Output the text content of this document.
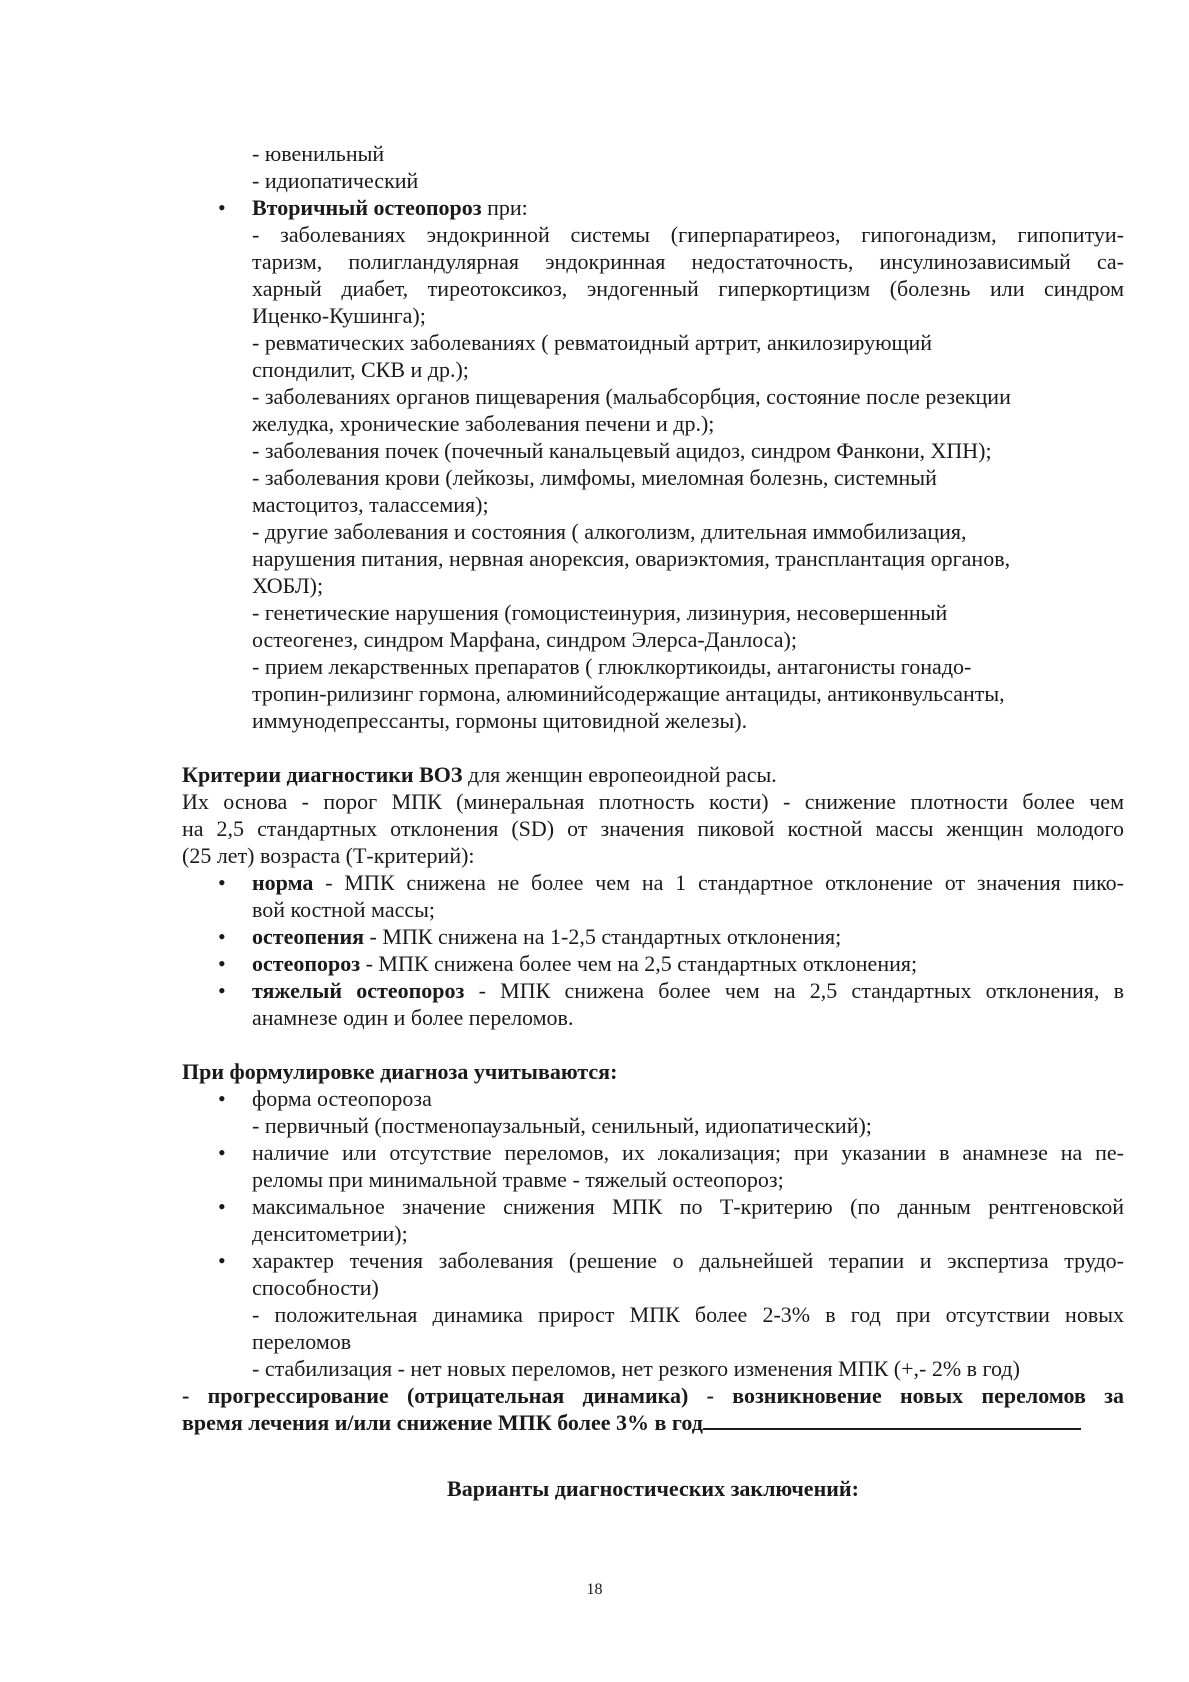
- ювенильный
- идиопатический
• Вторичный остеопороз при:
- заболеваниях эндокринной системы (гиперпаратиреоз, гипогонадизм, гипопитуи-
таризм, полигландулярная эндокринная недостаточность, инсулинозависимый са-
харный диабет, тиреотоксикоз, эндогенный гиперкортицизм (болезнь или синдром
Иценко-Кушинга);
- ревматических заболеваниях ( ревматоидный артрит, анкилозирующий
спондилит, СКВ и др.);
- заболеваниях органов пищеварения (мальабсорбция, состояние после резекции
желудка, хронические заболевания печени и др.);
- заболевания почек (почечный канальцевый ацидоз, синдром Фанкони, ХПН);
- заболевания крови (лейкозы, лимфомы, миеломная болезнь, системный
мастоцитоз, талассемия);
- другие заболевания и состояния ( алкоголизм, длительная иммобилизация,
нарушения питания, нервная анорексия, овариэктомия, трансплантация органов,
ХОБЛ);
- генетические нарушения (гомоцистеинурия, лизинурия, несовершенный
остеогенез, синдром Марфана, синдром Элерса-Данлоса);
- прием лекарственных препаратов ( глюклкортикоиды, антагонисты гонадо-
тропин-рилизинг гормона, алюминийсодержащие антациды, антиконвульсанты,
иммунодепрессанты, гормоны щитовидной железы).
Критерии диагностики ВОЗ для женщин европеоидной расы.
Их основа - порог МПК (минеральная плотность кости) - снижение плотности более чем
на 2,5 стандартных отклонения (SD) от значения пиковой костной массы женщин молодого
(25 лет) возраста (Т-критерий):
• норма - МПК снижена не более чем на 1 стандартное отклонение от значения пико-
вой костной массы;
• остеопения - МПК снижена на 1-2,5 стандартных отклонения;
• остеопороз - МПК снижена более чем на 2,5 стандартных отклонения;
• тяжелый остеопороз - МПК снижена более чем на 2,5 стандартных отклонения, в
анамнезе один и более переломов.
При формулировке диагноза учитываются:
• форма остеопороза
- первичный (постменопаузальный, сенильный, идиопатический);
• наличие или отсутствие переломов, их локализация; при указании в анамнезе на пе-
реломы при минимальной травме - тяжелый остеопороз;
• максимальное значение снижения МПК по Т-критерию (по данным рентгеновской
денситометрии);
• характер течения заболевания (решение о дальнейшей терапии и экспертиза трудо-
способности)
- положительная динамика прирост МПК более 2-3% в год при отсутствии новых
переломов
- стабилизация - нет новых переломов, нет резкого изменения МПК (+,- 2% в год)
- прогрессирование (отрицательная динамика) - возникновение новых переломов за
время лечения и/или снижение МПК более 3% в год
Варианты диагностических заключений:
18
